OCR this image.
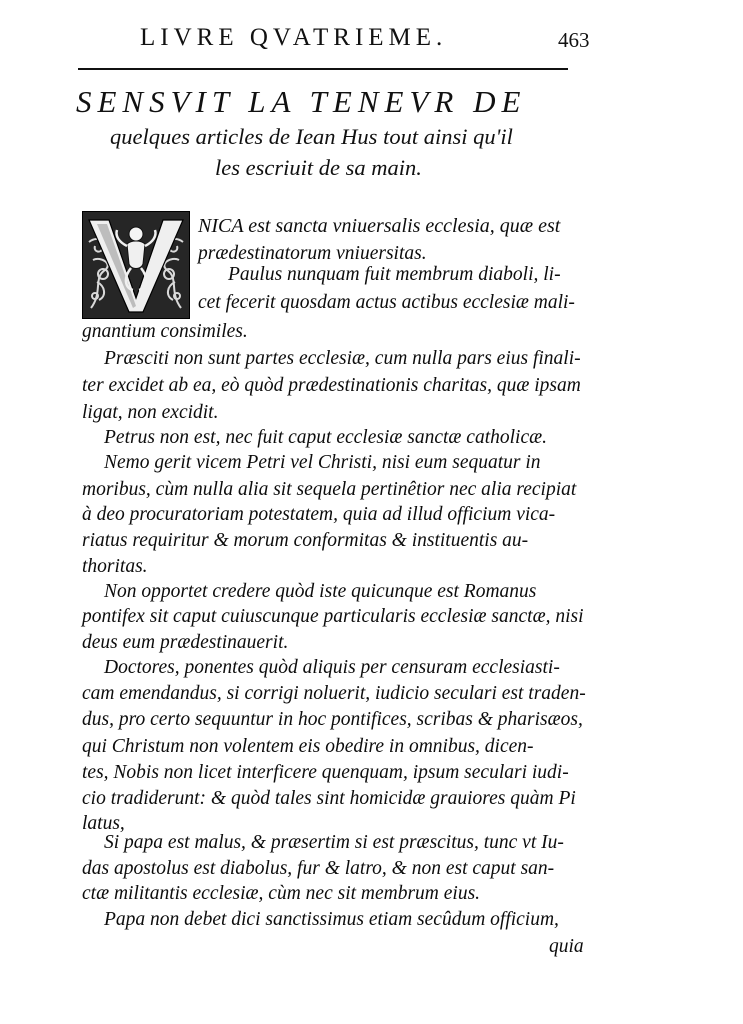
LIVRE QVATRIEME.	463
SENSVIT LA TENEVR DE
quelques articles de Iean Hus tout ainsi qu'il
les escriuit de sa main.
NICA est sancta vniuersalis ecclesia, quæ est
prædestinatorum vniuersitas.
Paulus nunquam fuit membrum diaboli, li-
cet fecerit quosdam actus actibus ecclesiæ mali-
gnantium consimiles.
Præsciti non sunt partes ecclesiæ, cum nulla pars eius finali-
ter excidet ab ea, eò quòd prædestinationis charitas, quæ ipsam
ligat, non excidit.
Petrus non est, nec fuit caput ecclesiæ sanctæ catholicæ.
Nemo gerit vicem Petri vel Christi, nisi eum sequatur in
moribus, cùm nulla alia sit sequela pertinêtior nec alia recipiat
à deo procuratoriam potestatem, quia ad illud officium vica-
riatus requiritur & morum conformitas & instituentis au-
thoritas.
Non opportet credere quòd iste quicunque est Romanus
pontifex sit caput cuiuscunque particularis ecclesiæ sanctæ, nisi
deus eum prædestinauerit.
Doctores, ponentes quòd aliquis per censuram ecclesiasti-
cam emendandus, si corrigi noluerit, iudicio seculari est traden-
dus, pro certo sequuntur in hoc pontifices, scribas & pharisæos,
qui Christum non volentem eis obedire in omnibus, dicen-
tes, Nobis non licet interficere quenquam, ipsum seculari iudi-
cio tradiderunt: & quòd tales sint homicidæ grauiores quàm Pi
latus,
Si papa est malus, & præsertim si est præscitus, tunc vt Iu-
das apostolus est diabolus, fur & latro, & non est caput san-
ctæ militantis ecclesiæ, cùm nec sit membrum eius.
Papa non debet dici sanctissimus etiam secûdum officium,
quia
